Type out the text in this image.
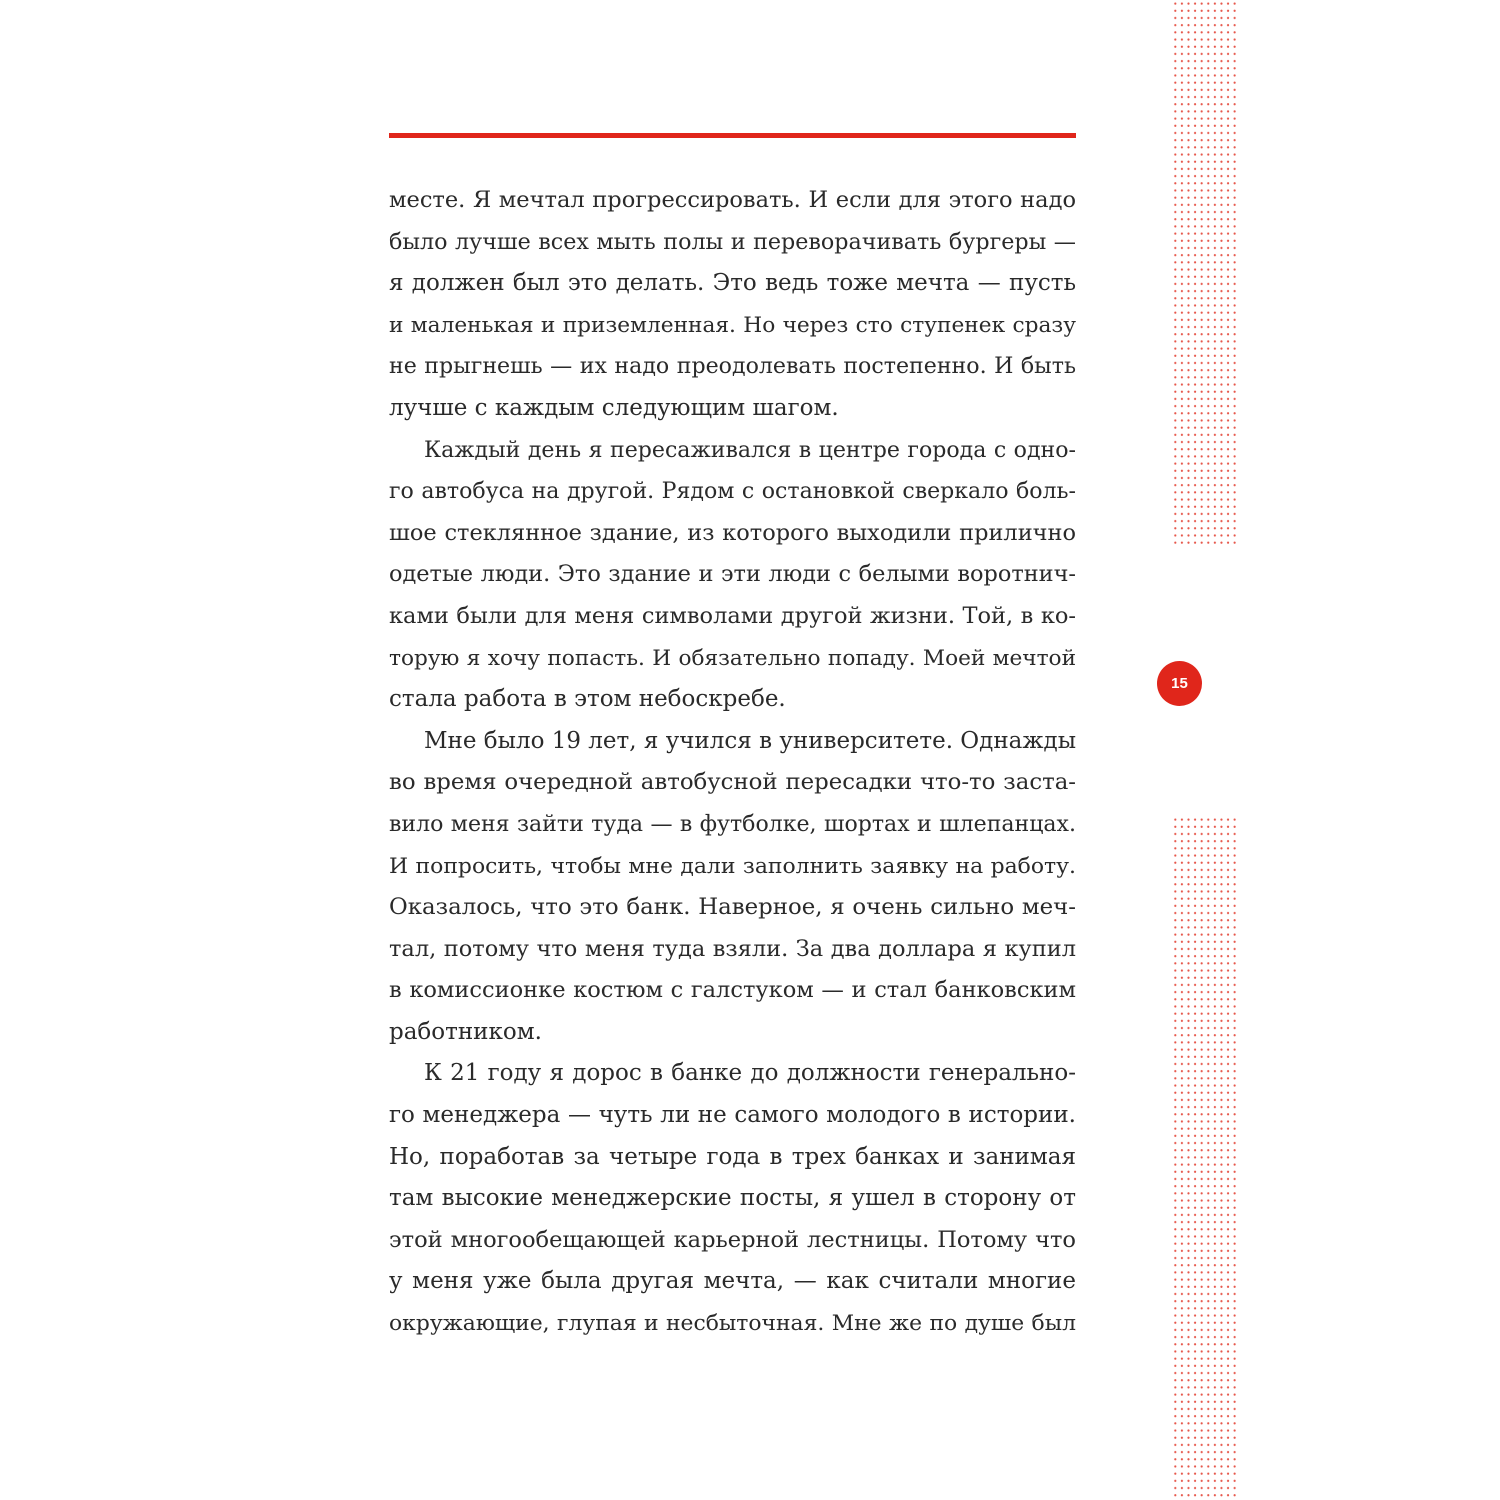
15
месте. Я мечтал прогрессировать. И если для этого надо
было лучше всех мыть полы и переворачивать бургеры —
я должен был это делать. Это ведь тоже мечта — пусть
и маленькая и приземленная. Но через сто ступенек сразу
не прыгнешь — их надо преодолевать постепенно. И быть
лучше с каждым следующим шагом.
Каждый день я пересаживался в центре города с одно-
го автобуса на другой. Рядом с остановкой сверкало боль-
шое стеклянное здание, из которого выходили прилично
одетые люди. Это здание и эти люди с белыми воротнич-
ками были для меня символами другой жизни. Той, в ко-
торую я хочу попасть. И обязательно попаду. Моей мечтой
стала работа в этом небоскребе.
Мне было 19 лет, я учился в университете. Однажды
во время очередной автобусной пересадки что-то заста-
вило меня зайти туда — в футболке, шортах и шлепанцах.
И попросить, чтобы мне дали заполнить заявку на работу.
Оказалось, что это банк. Наверное, я очень сильно меч-
тал, потому что меня туда взяли. За два доллара я купил
в комиссионке костюм с галстуком — и стал банковским
работником.
К 21 году я дорос в банке до должности генерально-
го менеджера — чуть ли не самого молодого в истории.
Но, поработав за четыре года в трех банках и занимая
там высокие менеджерские посты, я ушел в сторону от
этой многообещающей карьерной лестницы. Потому что
у меня уже была другая мечта, — как считали многие
окружающие, глупая и несбыточная. Мне же по душе был
